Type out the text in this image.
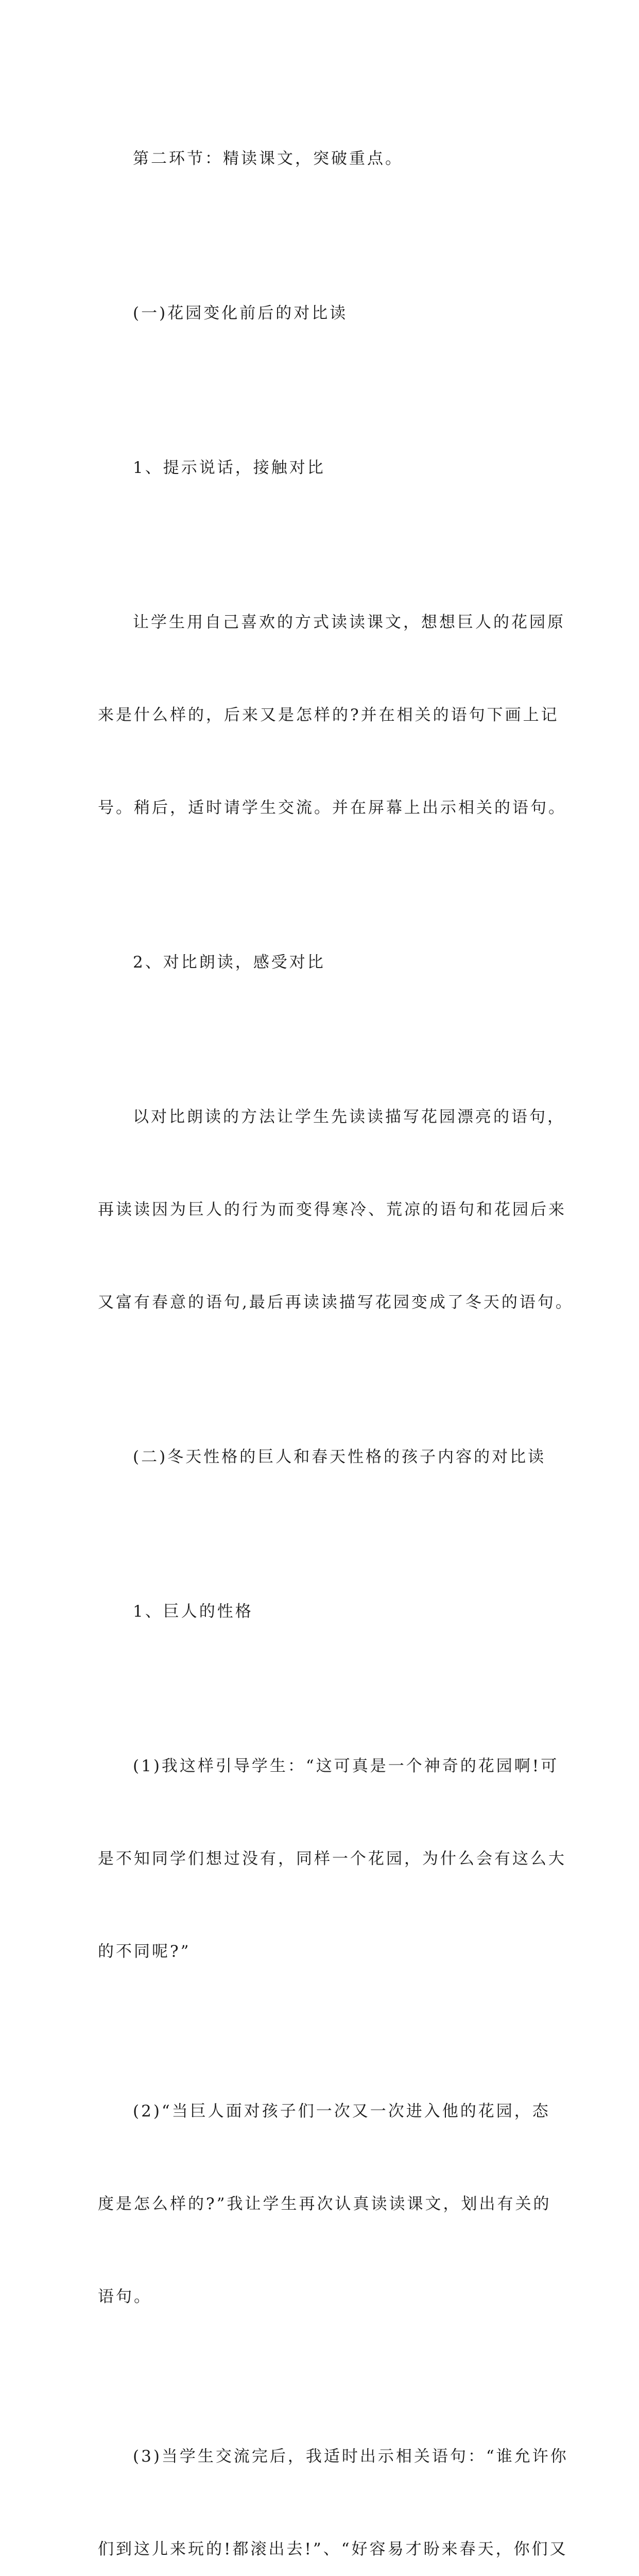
第二环节：精读课文，突破重点。

(一)花园变化前后的对比读

1、提示说话，接触对比

让学生用自己喜欢的方式读读课文，想想巨人的花园原

来是什么样的，后来又是怎样的?并在相关的语句下画上记

号。稍后，适时请学生交流。并在屏幕上出示相关的语句。

2、对比朗读，感受对比

以对比朗读的方法让学生先读读描写花园漂亮的语句，

再读读因为巨人的行为而变得寒冷、荒凉的语句和花园后来

又富有春意的语句,最后再读读描写花园变成了冬天的语句。

(二)冬天性格的巨人和春天性格的孩子内容的对比读

1、巨人的性格

(1)我这样引导学生：“这可真是一个神奇的花园啊!可

是不知同学们想过没有，同样一个花园，为什么会有这么大

的不同呢?”

(2)“当巨人面对孩子们一次又一次进入他的花园，态

度是怎么样的?”我让学生再次认真读读课文，划出有关的

语句。

(3)当学生交流完后，我适时出示相关语句：“谁允许你

们到这儿来玩的!都滚出去!”、“好容易才盼来春天，你们又
